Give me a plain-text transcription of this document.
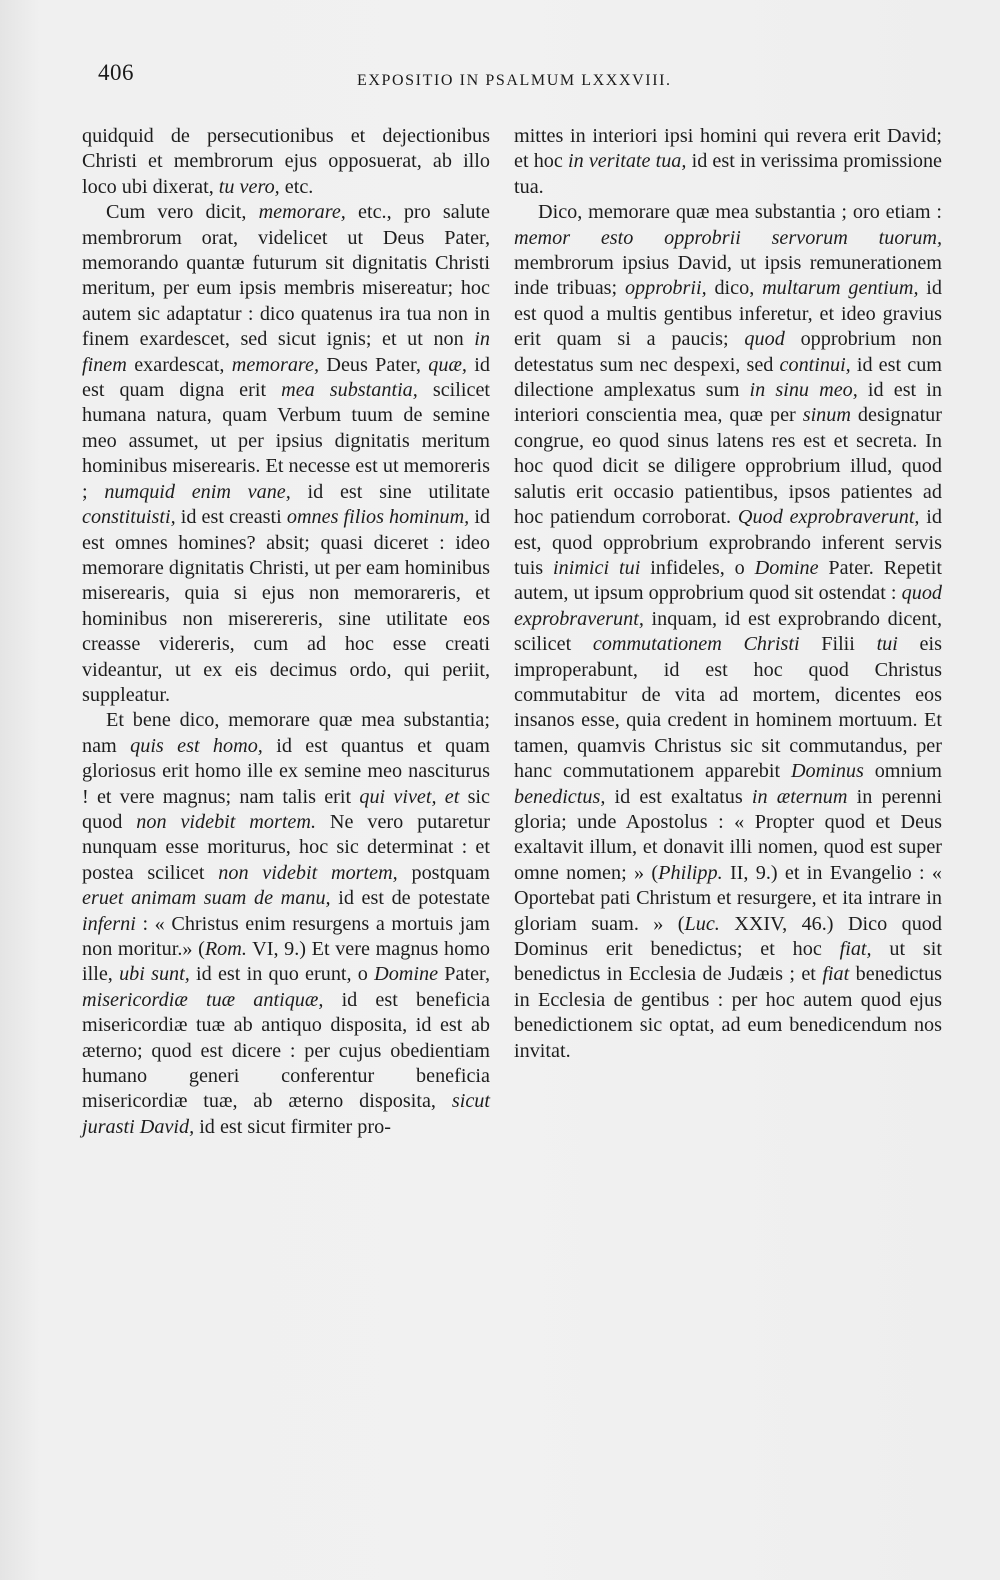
406	EXPOSITIO IN PSALMUM LXXXVIII.

quidquid de persecutionibus et dejectionibus Christi et membrorum ejus opposuerat, ab illo loco ubi dixerat, tu vero, etc.

Cum vero dicit, memorare, etc., pro salute membrorum orat, videlicet ut Deus Pater, memorando quantæ futurum sit dignitatis Christi meritum, per eum ipsis membris misereatur; hoc autem sic adaptatur : dico quatenus ira tua non in finem exardescet, sed sicut ignis; et ut non in finem exardescat, memorare, Deus Pater, quæ, id est quam digna erit mea substantia, scilicet humana natura, quam Verbum tuum de semine meo assumet, ut per ipsius dignitatis meritum hominibus miserearis. Et necesse est ut memoreris ; numquid enim vane, id est sine utilitate constituisti, id est creasti omnes filios hominum, id est omnes homines? absit; quasi diceret : ideo memorare dignitatis Christi, ut per eam hominibus miserearis, quia si ejus non memorareris, et hominibus non miserereris, sine utilitate eos creasse videreris, cum ad hoc esse creati videantur, ut ex eis decimus ordo, qui periit, suppleatur.

Et bene dico, memorare quæ mea substantia; nam quis est homo, id est quantus et quam gloriosus erit homo ille ex semine meo nasciturus ! et vere magnus; nam talis erit qui vivet, et sic quod non videbit mortem. Ne vero putaretur nunquam esse moriturus, hoc sic determinat : et postea scilicet non videbit mortem, postquam eruet animam suam de manu, id est de potestate inferni : « Christus enim resurgens a mortuis jam non moritur.» (Rom. VI, 9.) Et vere magnus homo ille, ubi sunt, id est in quo erunt, o Domine Pater, misericordiæ tuæ antiquæ, id est beneficia misericordiæ tuæ ab antiquo disposita, id est ab æterno; quod est dicere : per cujus obedientiam humano generi conferentur beneficia misericordiæ tuæ, ab æterno disposita, sicut jurasti David, id est sicut firmiter pro-

mittes in interiori ipsi homini qui revera erit David; et hoc in veritate tua, id est in verissima promissione tua.

Dico, memorare quæ mea substantia ; oro etiam : memor esto opprobrii servorum tuorum, membrorum ipsius David, ut ipsis remunerationem inde tribuas; opprobrii, dico, multarum gentium, id est quod a multis gentibus inferetur, et ideo gravius erit quam si a paucis; quod opprobrium non detestatus sum nec despexi, sed continui, id est cum dilectione amplexatus sum in sinu meo, id est in interiori conscientia mea, quæ per sinum designatur congrue, eo quod sinus latens res est et secreta. In hoc quod dicit se diligere opprobrium illud, quod salutis erit occasio patientibus, ipsos patientes ad hoc patiendum corroborat. Quod exprobraverunt, id est, quod opprobrium exprobrando inferent servis tuis inimici tui infideles, o Domine Pater. Repetit autem, ut ipsum opprobrium quod sit ostendat : quod exprobraverunt, inquam, id est exprobrando dicent, scilicet commutationem Christi Filii tui eis improperabunt, id est hoc quod Christus commutabitur de vita ad mortem, dicentes eos insanos esse, quia credent in hominem mortuum. Et tamen, quamvis Christus sic sit commutandus, per hanc commutationem apparebit Dominus omnium benedictus, id est exaltatus in æternum in perenni gloria; unde Apostolus : « Propter quod et Deus exaltavit illum, et donavit illi nomen, quod est super omne nomen; » (Philipp. II, 9.) et in Evangelio : « Oportebat pati Christum et resurgere, et ita intrare in gloriam suam. » (Luc. XXIV, 46.) Dico quod Dominus erit benedictus; et hoc fiat, ut sit benedictus in Ecclesia de Judæis ; et fiat benedictus in Ecclesia de gentibus : per hoc autem quod ejus benedictionem sic optat, ad eum benedicendum nos invitat.
